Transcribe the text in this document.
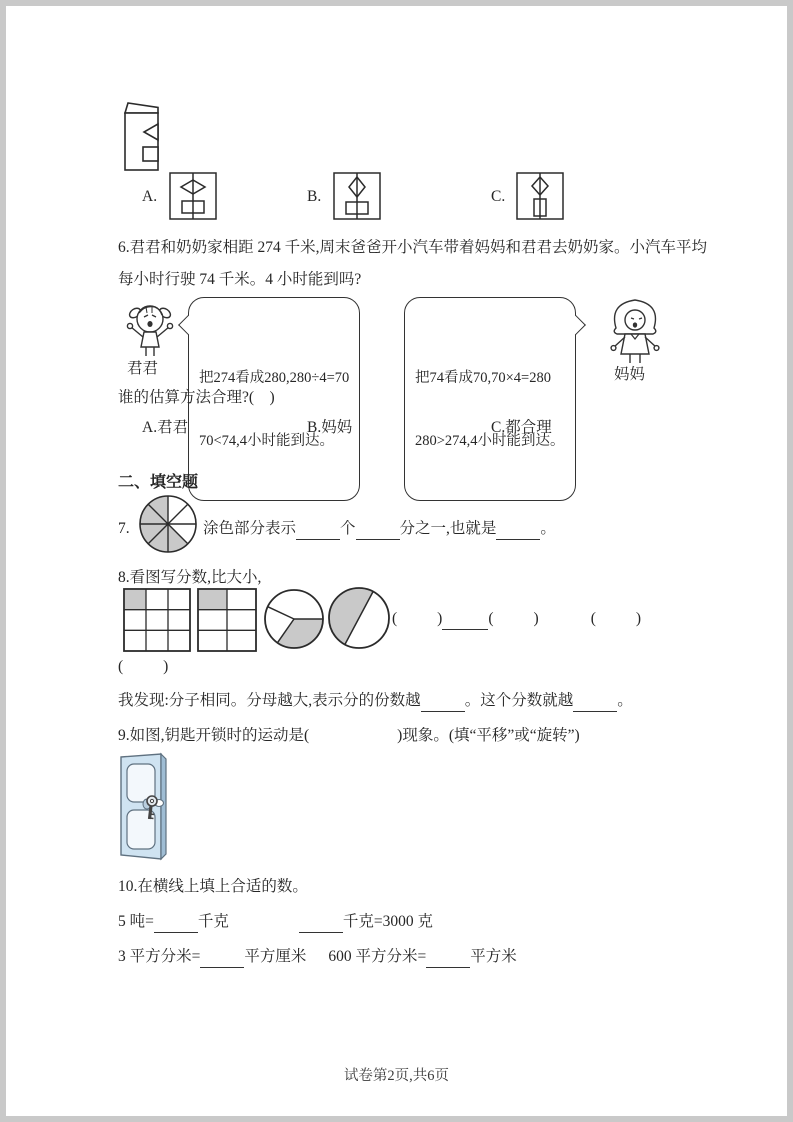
A.	B.	C.
6.君君和奶奶家相距 274 千米,周末爸爸开小汽车带着妈妈和君君去奶奶家。小汽车平均
每小时行驶 74 千米。4 小时能到吗?

把274看成280,280÷4=70

70<74,4小时能到达。

把74看成70,70×4=280

280>274,4小时能到达。

君君	妈妈
谁的估算方法合理?(    )
A.君君	B.妈妈	C.都合理
二、填空题
7.	涂色部分表示	个	分之一,也就是	。
8.看图写分数,比大小,
(	)	(	)	(	)
(	)
我发现:分子相同。分母越大,表示分的份数越	。这个分数就越	。
9.如图,钥匙开锁时的运动是(	)现象。(填“平移”或“旋转”)
10.在横线上填上合适的数。
5 吨=	千克	千克=3000 克
3 平方分米=	平方厘米 600 平方分米=	平方米
试卷第2页,共6页
